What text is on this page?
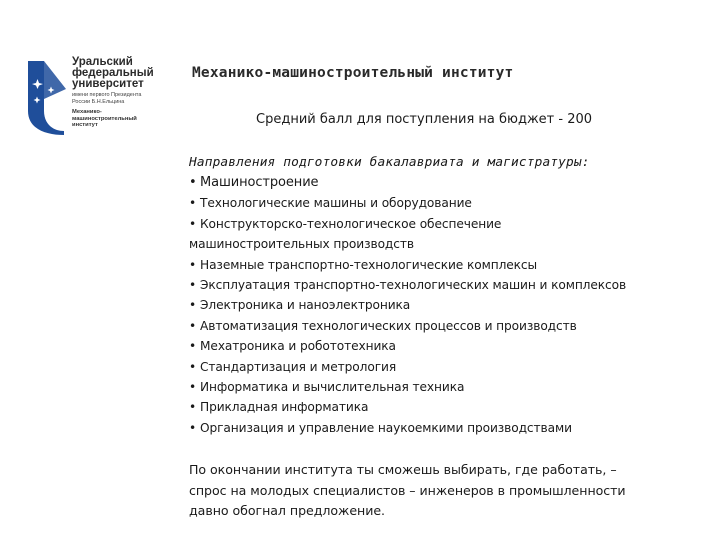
Уральский
федеральный
университет
имени первого Президента
России Б.Н.Ельцина
Механико-
машиностроительный
институт
Механико-машиностроительный институт
Средний балл для поступления на бюджет - 200
Направления подготовки бакалавриата и магистратуры:
• Машиностроение
• Технологические машины и оборудование
• Конструкторско-технологическое обеспечение
машиностроительных производств
• Наземные транспортно-технологические комплексы
• Эксплуатация транспортно-технологических машин и комплексов
• Электроника и наноэлектроника
• Автоматизация технологических процессов и производств
• Мехатроника и робототехника
• Стандартизация и метрология
• Информатика и вычислительная техника
• Прикладная информатика
• Организация и управление наукоемкими производствами
По окончании института ты сможешь выбирать, где работать, –
спрос на молодых специалистов – инженеров в промышленности
давно обогнал предложение.
